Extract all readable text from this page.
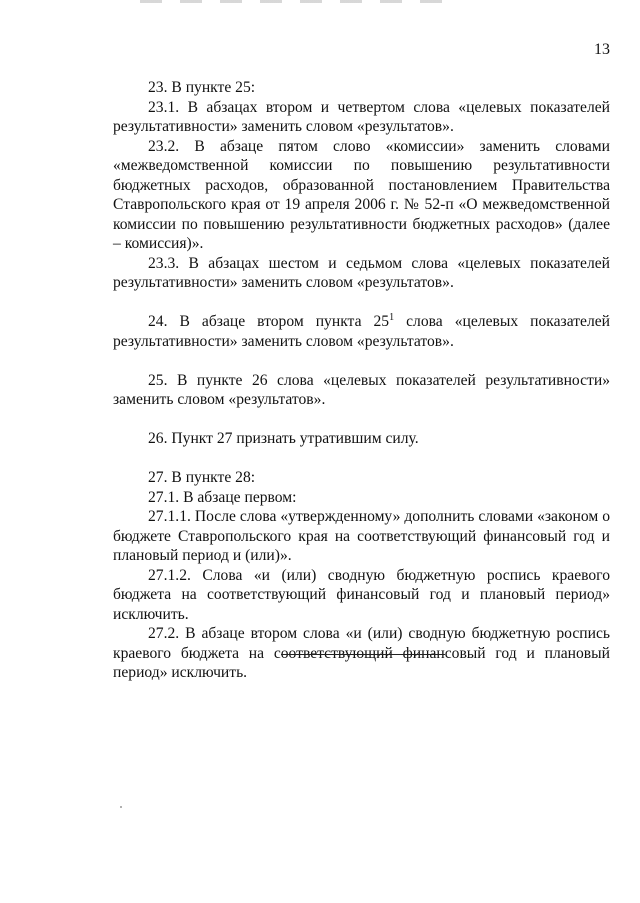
13

23. В пункте 25:

23.1. В абзацах втором и четвертом слова «целевых показателей результативности» заменить словом «результатов».

23.2. В абзаце пятом слово «комиссии» заменить словами «межведомственной комиссии по повышению результативности бюджетных расходов, образованной постановлением Правительства Ставропольского края от 19 апреля 2006 г. № 52-п «О межведомственной комиссии по повышению результативности бюджетных расходов» (далее – комиссия)».

23.3. В абзацах шестом и седьмом слова «целевых показателей результативности» заменить словом «результатов».

24. В абзаце втором пункта $25^1$ слова «целевых показателей результативности» заменить словом «результатов».

25. В пункте 26 слова «целевых показателей результативности» заменить словом «результатов».

26. Пункт 27 признать утратившим силу.

27. В пункте 28:

27.1. В абзаце первом:

27.1.1. После слова «утвержденному» дополнить словами «законом о бюджете Ставропольского края на соответствующий финансовый год и плановый период и (или)».

27.1.2. Слова «и (или) сводную бюджетную роспись краевого бюджета на соответствующий финансовый год и плановый период» исключить.

27.2. В абзаце втором слова «и (или) сводную бюджетную роспись краевого бюджета на соответствующий финансовый год и плановый период» исключить.
